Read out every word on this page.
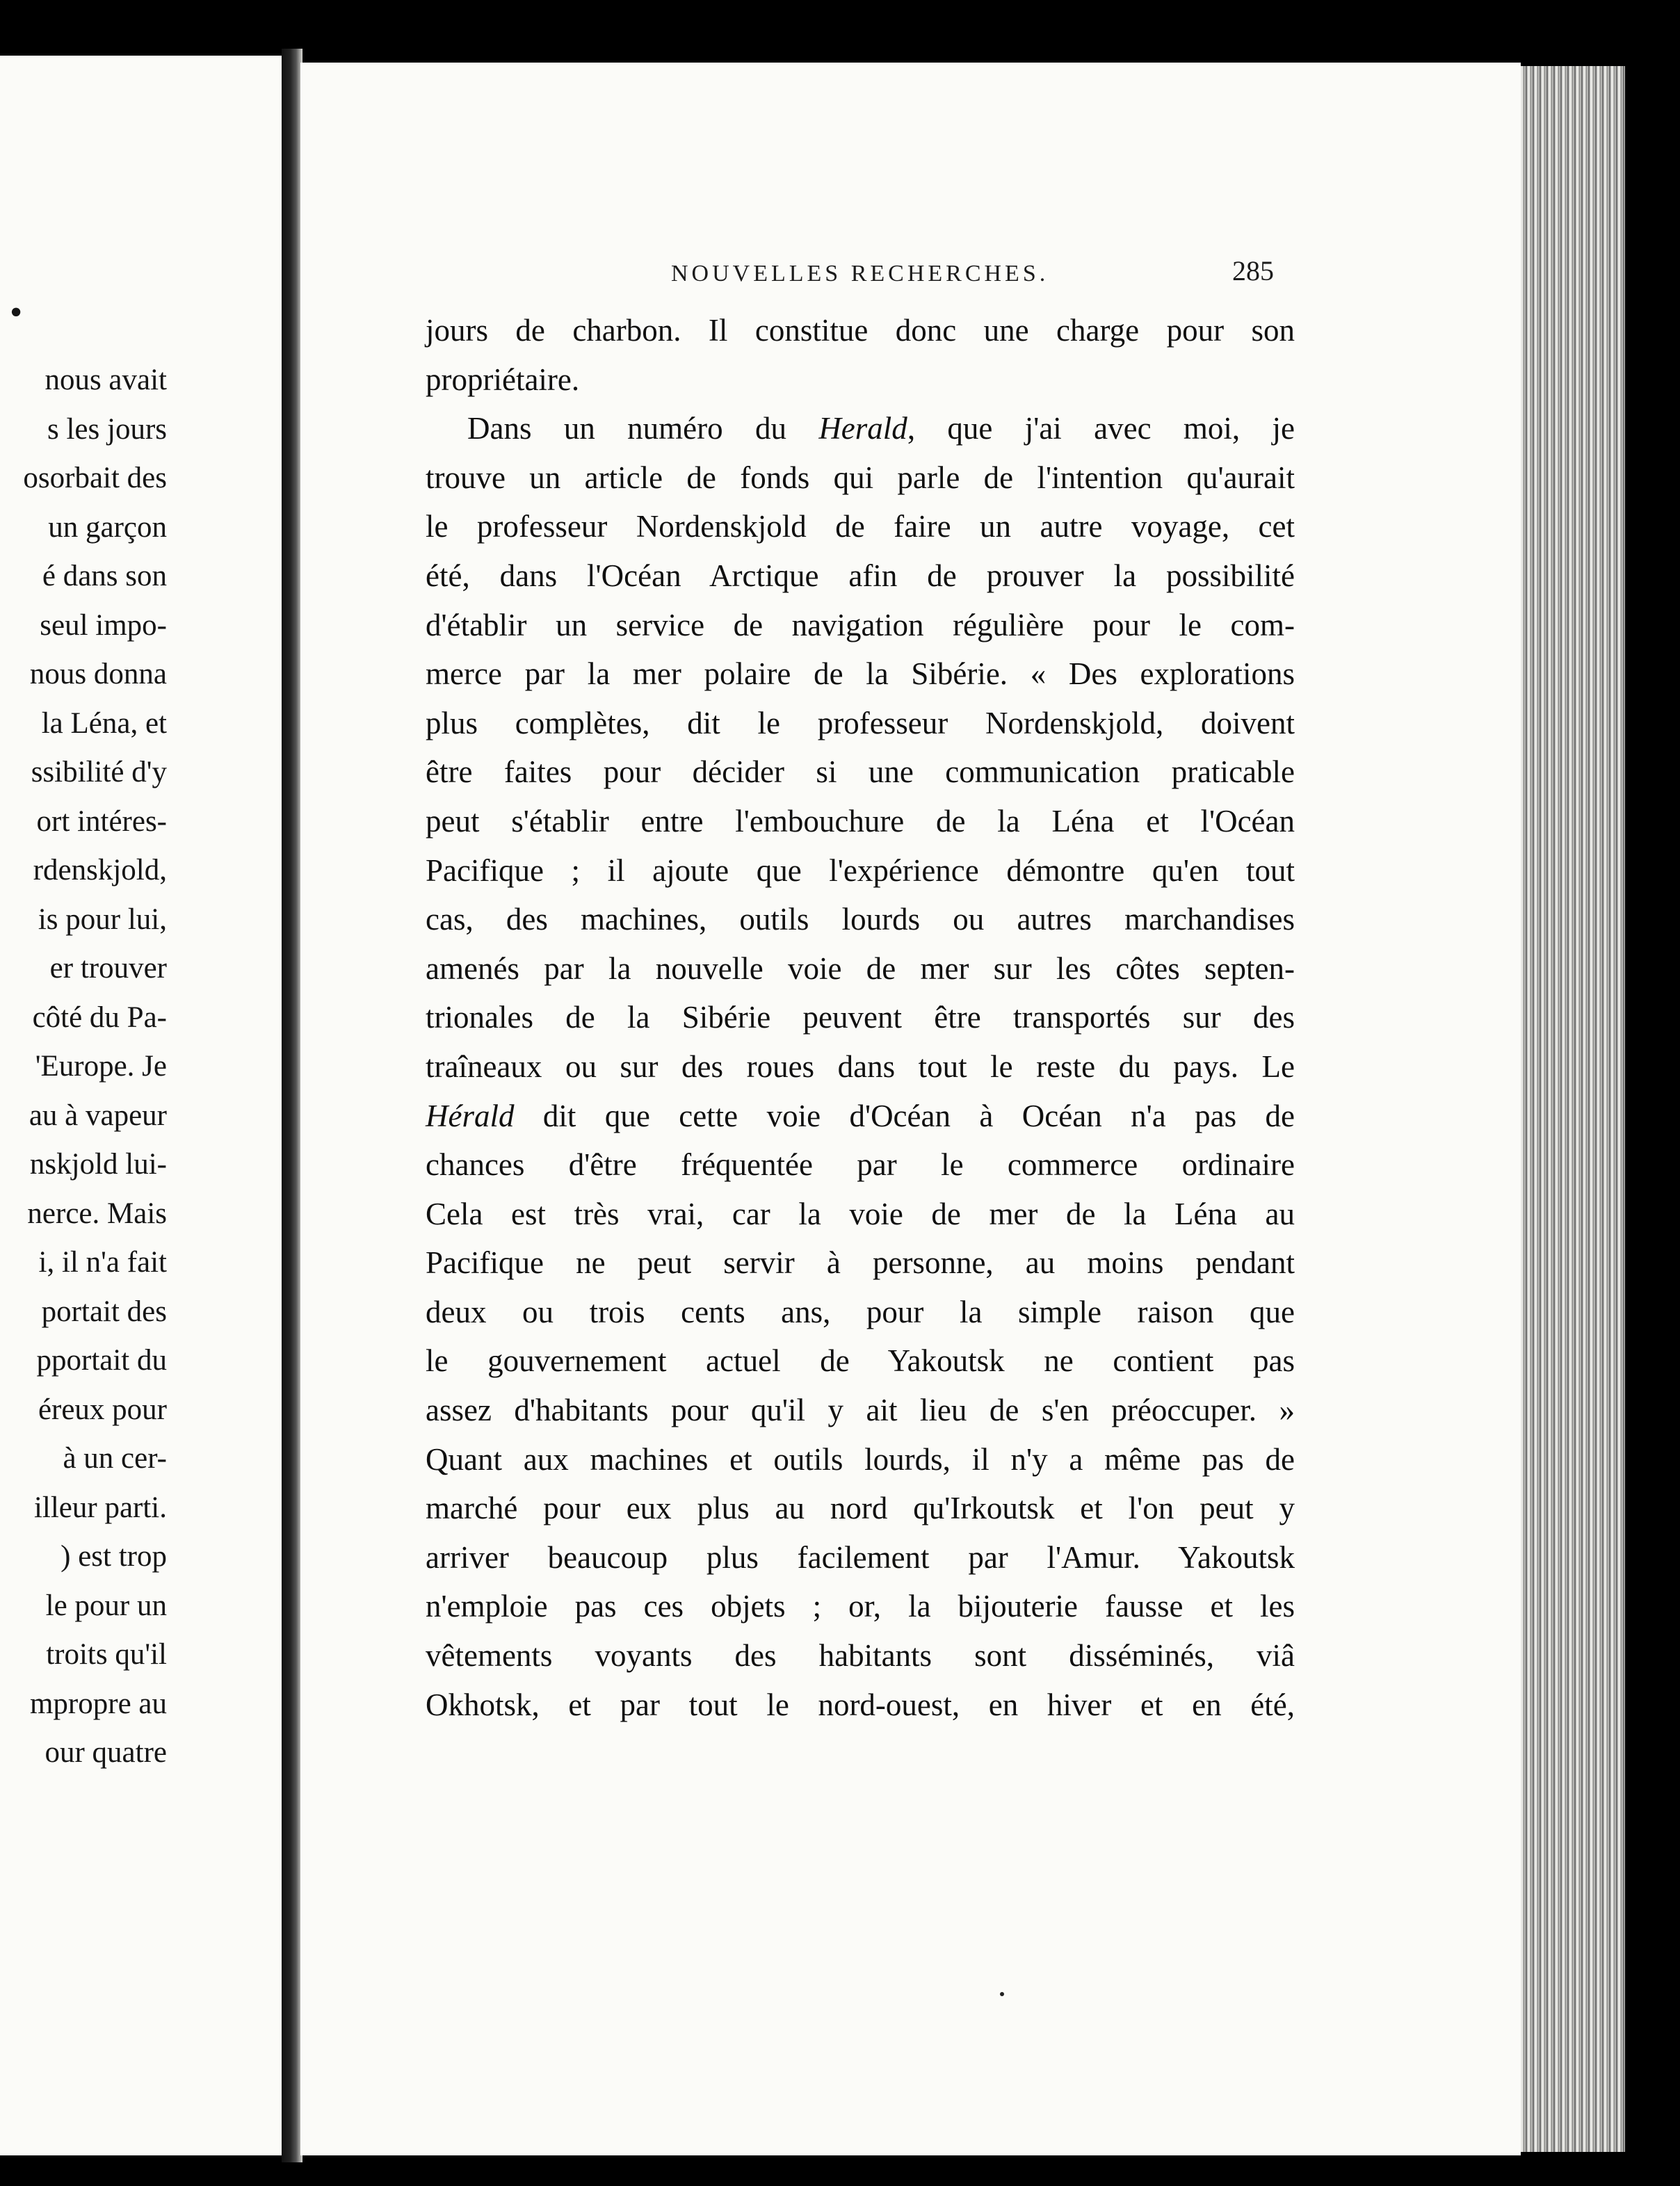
•
nous avait
s les jours
osorbait des
un garçon
é dans son
seul impo-
nous donna
la Léna, et
ssibilité d'y
ort intéres-
rdenskjold,
is pour lui,
er trouver
côté du Pa-
'Europe. Je
au à vapeur
nskjold lui-
nerce. Mais
i, il n'a fait
portait des
pportait du
éreux pour
à un cer-
illeur parti.
) est trop
le pour un
troits qu'il
mpropre au
our quatre
NOUVELLES RECHERCHES.	285
jours de charbon. Il constitue donc une charge pour son
propriétaire.
Dans un numéro du Herald, que j'ai avec moi, je
trouve un article de fonds qui parle de l'intention qu'aurait
le professeur Nordenskjold de faire un autre voyage, cet
été, dans l'Océan Arctique afin de prouver la possibilité
d'établir un service de navigation régulière pour le com-
merce par la mer polaire de la Sibérie. « Des explorations
plus complètes, dit le professeur Nordenskjold, doivent
être faites pour décider si une communication praticable
peut s'établir entre l'embouchure de la Léna et l'Océan
Pacifique ; il ajoute que l'expérience démontre qu'en tout
cas, des machines, outils lourds ou autres marchandises
amenés par la nouvelle voie de mer sur les côtes septen-
trionales de la Sibérie peuvent être transportés sur des
traîneaux ou sur des roues dans tout le reste du pays. Le
Hérald dit que cette voie d'Océan à Océan n'a pas de
chances d'être fréquentée par le commerce ordinaire
Cela est très vrai, car la voie de mer de la Léna au
Pacifique ne peut servir à personne, au moins pendant
deux ou trois cents ans, pour la simple raison que
le gouvernement actuel de Yakoutsk ne contient pas
assez d'habitants pour qu'il y ait lieu de s'en préoccuper. »
Quant aux machines et outils lourds, il n'y a même pas de
marché pour eux plus au nord qu'Irkoutsk et l'on peut y
arriver beaucoup plus facilement par l'Amur. Yakoutsk
n'emploie pas ces objets ; or, la bijouterie fausse et les
vêtements voyants des habitants sont disséminés, viâ
Okhotsk, et par tout le nord-ouest, en hiver et en été,
